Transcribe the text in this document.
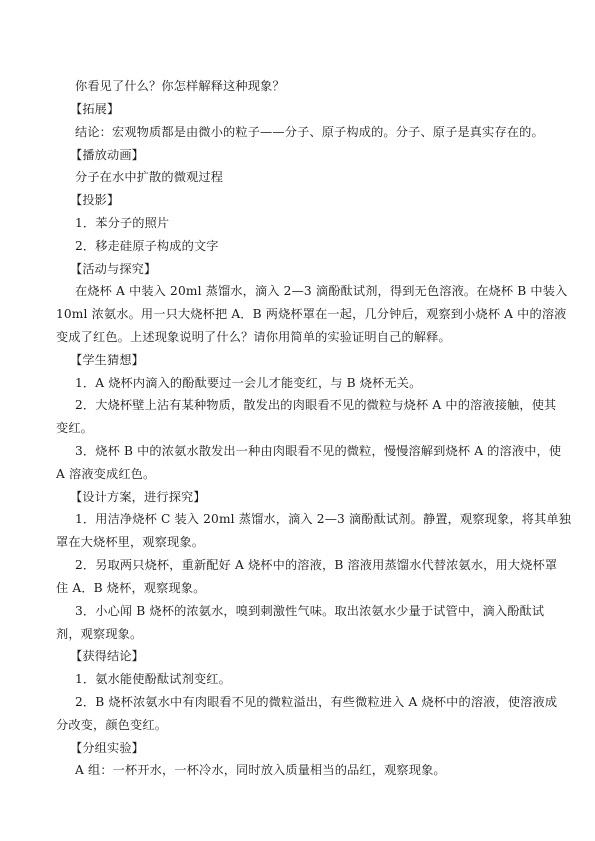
你看见了什么？你怎样解释这种现象？
【拓展】
结论：宏观物质都是由微小的粒子——分子、原子构成的。分子、原子是真实存在的。
【播放动画】
分子在水中扩散的微观过程
【投影】
1．苯分子的照片
2．移走硅原子构成的文字
【活动与探究】
在烧杯 A 中装入 20ml 蒸馏水，滴入 2—3 滴酚酞试剂，得到无色溶液。在烧杯 B 中装入
10ml 浓氨水。用一只大烧杯把 A．B 两烧杯罩在一起，几分钟后，观察到小烧杯 A 中的溶液
变成了红色。上述现象说明了什么？请你用简单的实验证明自己的解释。
【学生猜想】
1．A 烧杯内滴入的酚酞要过一会儿才能变红，与 B 烧杯无关。
2．大烧杯壁上沾有某种物质，散发出的肉眼看不见的微粒与烧杯 A 中的溶液接触，使其
变红。
3．烧杯 B 中的浓氨水散发出一种由肉眼看不见的微粒，慢慢溶解到烧杯 A 的溶液中，使
A 溶液变成红色。
【设计方案，进行探究】
1．用洁净烧杯 C 装入 20ml 蒸馏水，滴入 2—3 滴酚酞试剂。静置，观察现象，将其单独
罩在大烧杯里，观察现象。
2．另取两只烧杯，重新配好 A 烧杯中的溶液，B 溶液用蒸馏水代替浓氨水，用大烧杯罩
住 A．B 烧杯，观察现象。
3．小心闻 B 烧杯的浓氨水，嗅到刺激性气味。取出浓氨水少量于试管中，滴入酚酞试
剂，观察现象。
【获得结论】
1．氨水能使酚酞试剂变红。
2．B 烧杯浓氨水中有肉眼看不见的微粒溢出，有些微粒进入 A 烧杯中的溶液，使溶液成
分改变，颜色变红。
【分组实验】
A 组：一杯开水，一杯冷水，同时放入质量相当的品红，观察现象。
